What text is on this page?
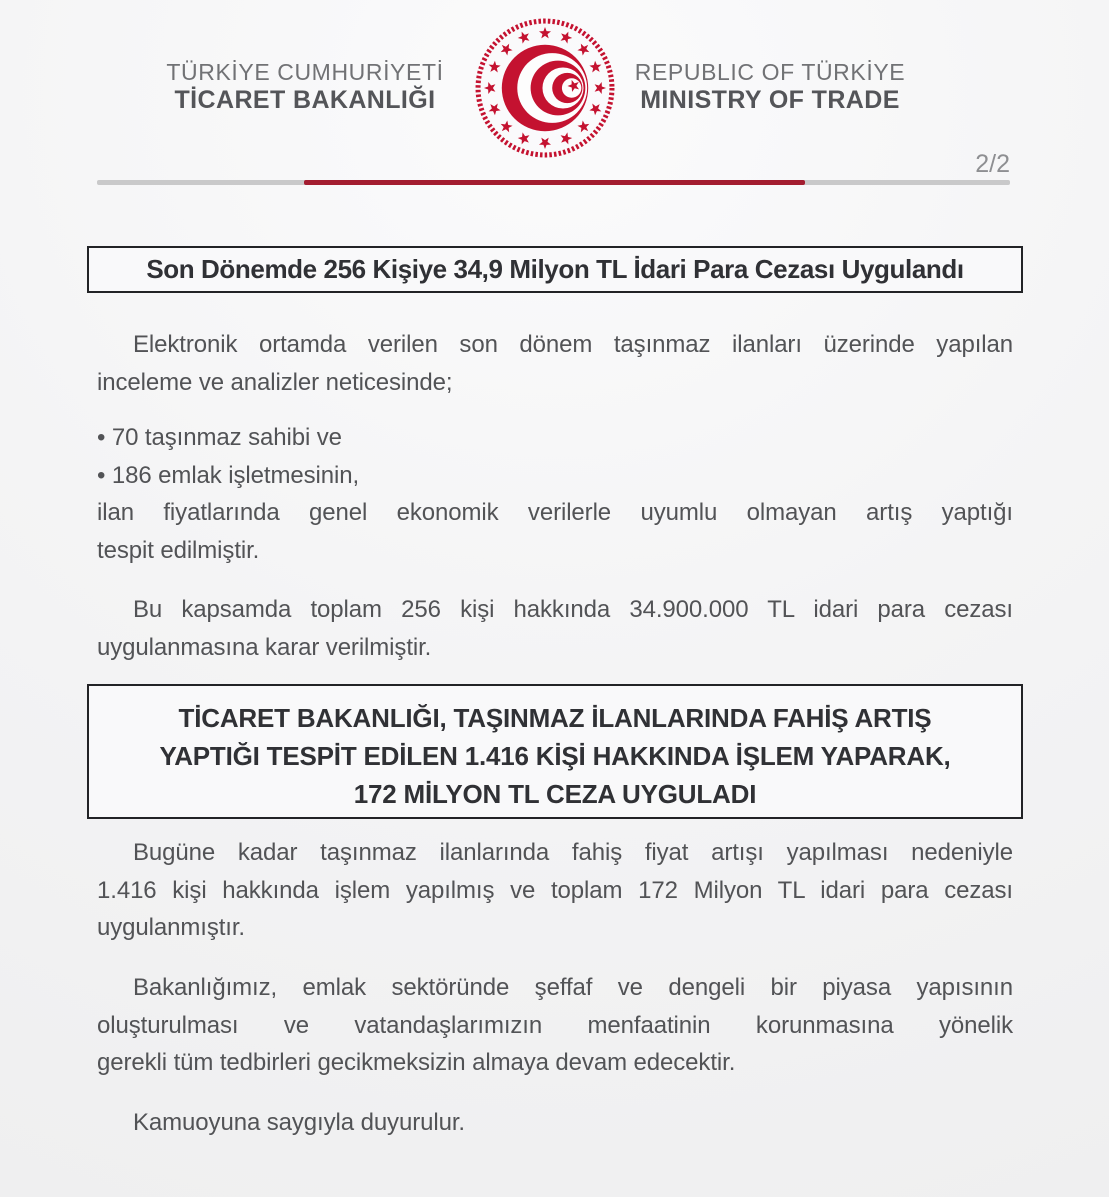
TÜRKİYE CUMHURİYETİ
TİCARET BAKANLIĞI
REPUBLIC OF TÜRKİYE
MINISTRY OF TRADE
2/2
Son Dönemde 256 Kişiye 34,9 Milyon TL İdari Para Cezası Uygulandı
Elektronik ortamda verilen son dönem taşınmaz ilanları üzerinde yapılan
inceleme ve analizler neticesinde;
• 70 taşınmaz sahibi ve
• 186 emlak işletmesinin,
ilan fiyatlarında genel ekonomik verilerle uyumlu olmayan artış yaptığı
tespit edilmiştir.
Bu kapsamda toplam 256 kişi hakkında 34.900.000 TL idari para cezası
uygulanmasına karar verilmiştir.
TİCARET BAKANLIĞI, TAŞINMAZ İLANLARINDA FAHİŞ ARTIŞ
YAPTIĞI TESPİT EDİLEN 1.416 KİŞİ HAKKINDA İŞLEM YAPARAK,
172 MİLYON TL CEZA UYGULADI
Bugüne kadar taşınmaz ilanlarında fahiş fiyat artışı yapılması nedeniyle
1.416 kişi hakkında işlem yapılmış ve toplam 172 Milyon TL idari para cezası
uygulanmıştır.
Bakanlığımız, emlak sektöründe şeffaf ve dengeli bir piyasa yapısının
oluşturulması ve vatandaşlarımızın menfaatinin korunmasına yönelik
gerekli tüm tedbirleri gecikmeksizin almaya devam edecektir.
Kamuoyuna saygıyla duyurulur.
